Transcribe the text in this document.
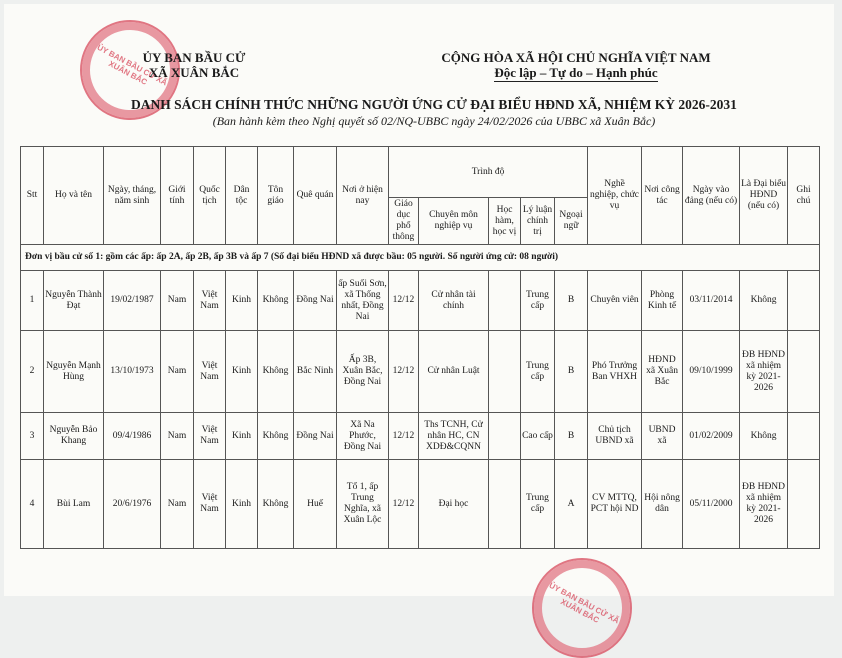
ỦY BAN BẦU CỬ XÃ XUÂN BẮC
ỦY BAN BẦU CỬ
XÃ XUÂN BẮC
CỘNG HÒA XÃ HỘI CHỦ NGHĨA VIỆT NAM
Độc lập – Tự do – Hạnh phúc
DANH SÁCH CHÍNH THỨC NHỮNG NGƯỜI ỨNG CỬ ĐẠI BIỂU HĐND XÃ, NHIỆM KỲ 2026-2031
(Ban hành kèm theo Nghị quyết số 02/NQ-UBBC ngày 24/02/2026 của UBBC xã Xuân Bắc)
Stt	Họ và tên	Ngày, tháng, năm sinh	Giới tính	Quốc tịch	Dân tộc	Tôn giáo	Quê quán	Nơi ở hiện nay	Trình độ					Nghề nghiệp, chức vụ	Nơi công tác	Ngày vào đảng (nếu có)	Là Đại biểu HĐND (nếu có)	Ghi chú
									Giáo dục phổ thông	Chuyên môn nghiệp vụ	Học hàm, học vị	Lý luận chính trị	Ngoại ngữ					
Đơn vị bầu cử số 1: gồm các ấp: ấp 2A, ấp 2B, ấp 3B và ấp 7 (Số đại biểu HĐND xã được bầu: 05 người. Số người ứng cử: 08 người)																		
1	Nguyễn Thành Đạt	19/02/1987	Nam	Việt Nam	Kinh	Không	Đồng Nai	ấp Suối Sơn, xã Thống nhất, Đồng Nai	12/12	Cử nhân tài chính		Trung cấp	B	Chuyên viên	Phòng Kinh tế	03/11/2014	Không	
2	Nguyễn Mạnh Hùng	13/10/1973	Nam	Việt Nam	Kinh	Không	Bắc Ninh	Ấp 3B, Xuân Bắc, Đồng Nai	12/12	Cử nhân Luật		Trung cấp	B	Phó Trưởng Ban VHXH	HĐND xã Xuân Bắc	09/10/1999	ĐB HĐND xã nhiệm kỳ 2021-2026	
3	Nguyễn Bảo Khang	09/4/1986	Nam	Việt Nam	Kinh	Không	Đồng Nai	Xã Na Phước, Đồng Nai	12/12	Ths TCNH, Cử nhân HC, CN XDĐ&CQNN		Cao cấp	B	Chủ tịch UBND xã	UBND xã	01/02/2009	Không	
4	Bùi Lam	20/6/1976	Nam	Việt Nam	Kinh	Không	Huế	Tổ 1, ấp Trung Nghĩa, xã Xuân Lộc	12/12	Đại học		Trung cấp	A	CV MTTQ, PCT hội ND	Hội nông dân	05/11/2000	ĐB HĐND xã nhiệm kỳ 2021-2026	
ỦY BAN BẦU CỬ XÃ XUÂN BẮC
